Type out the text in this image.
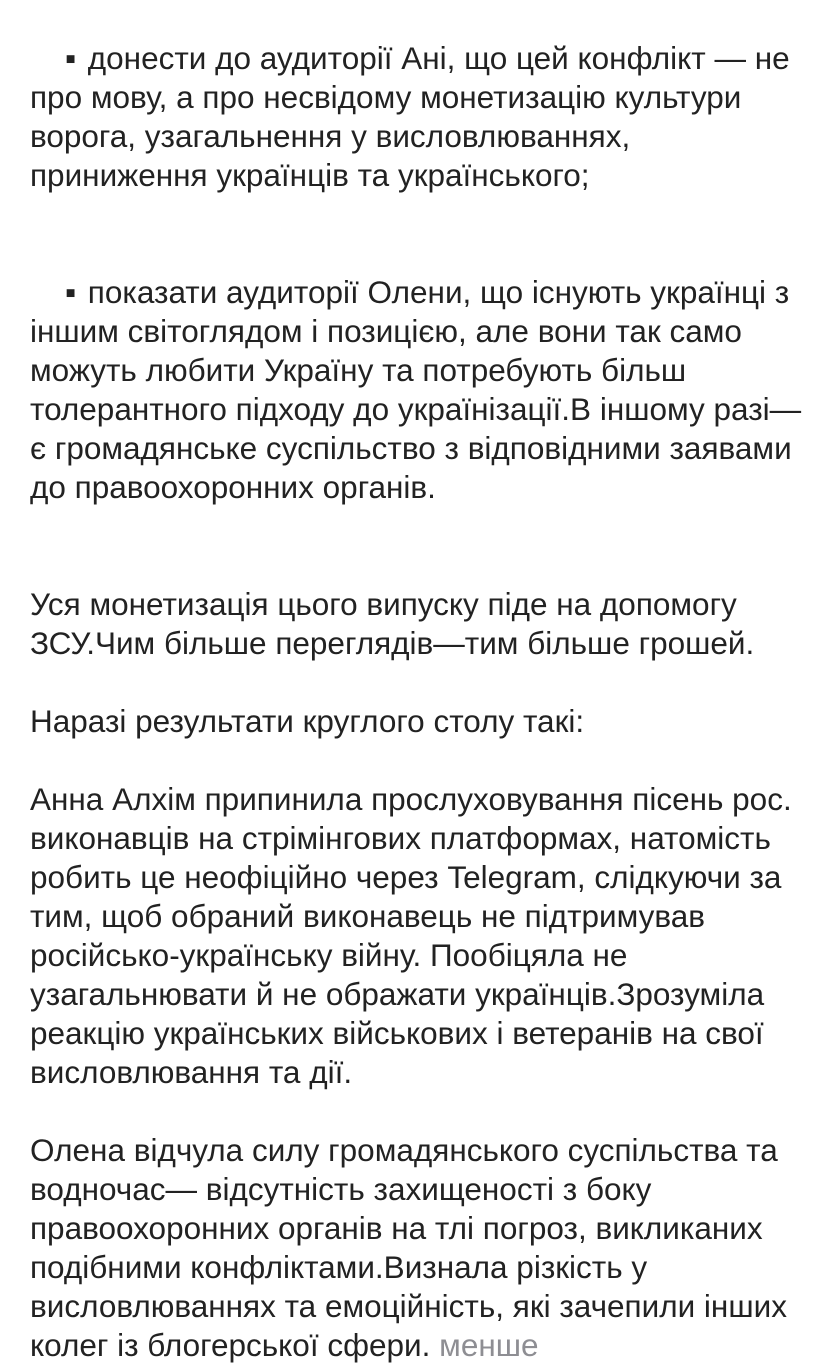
▪ донести до аудиторії Ані, що цей конфлікт — не про мову, а про несвідому монетизацію культури ворога, узагальнення у висловлюваннях, приниження українців та українського;

▪ показати аудиторії Олени, що існують українці з іншим світоглядом і позицією, але вони так само можуть любити Україну та потребують більш толерантного підходу до українізації.В іншому разі— є громадянське суспільство з відповідними заявами до правоохоронних органів.

Уся монетизація цього випуску піде на допомогу ЗСУ.Чим більше переглядів—тим більше грошей.
Наразі результати круглого столу такі:
Анна Алхім припинила прослуховування пісень рос. виконавців на стрімінгових платформах, натомість робить це неофіційно через Telegram, слідкуючи за тим, щоб обраний виконавець не підтримував російсько-українську війну. Пообіцяла не узагальнювати й не ображати українців.Зрозуміла реакцію українських військових і ветеранів на свої висловлювання та дії.
Олена відчула силу громадянського суспільства та водночас— відсутність захищеності з боку правоохоронних органів на тлі погроз, викликаних подібними конфліктами.Визнала різкість у висловлюваннях та емоційність, які зачепили інших колег із блогерської сфери. менше
